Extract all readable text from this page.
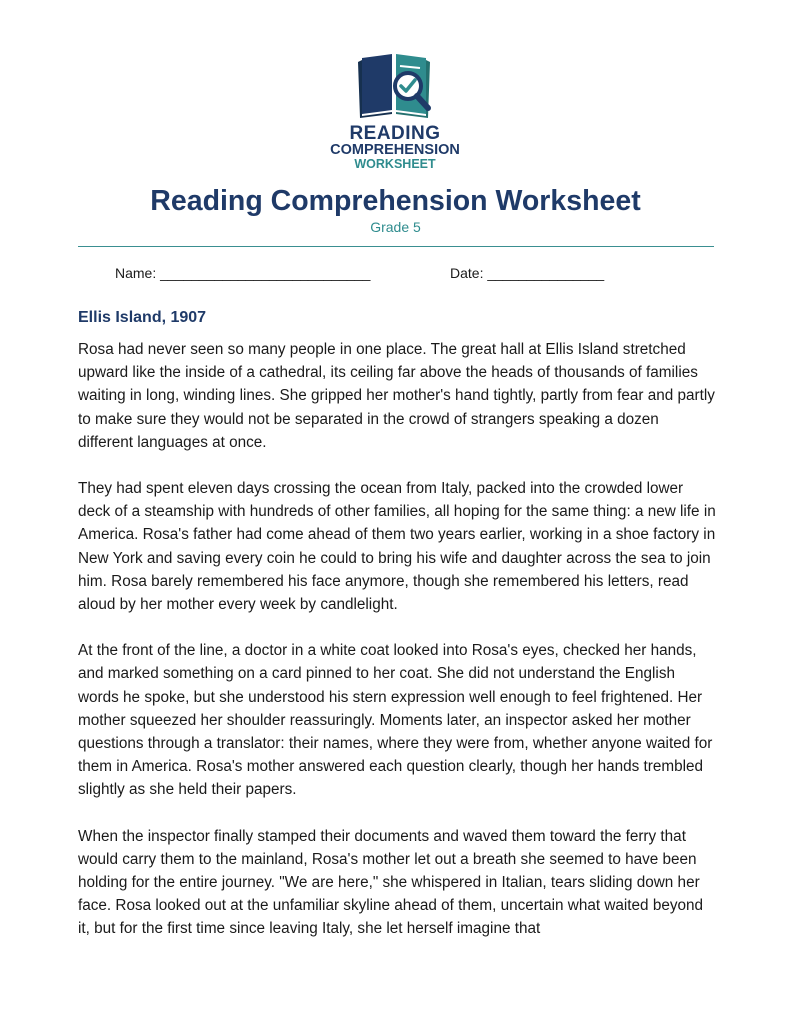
READING
COMPREHENSION
WORKSHEET
Reading Comprehension Worksheet
Grade 5
Name: ___________________________	Date: _______________
Ellis Island, 1907

Rosa had never seen so many people in one place. The great hall at Ellis Island stretched upward like the inside of a cathedral, its ceiling far above the heads of thousands of families waiting in long, winding lines. She gripped her mother's hand tightly, partly from fear and partly to make sure they would not be separated in the crowd of strangers speaking a dozen different languages at once.

They had spent eleven days crossing the ocean from Italy, packed into the crowded lower deck of a steamship with hundreds of other families, all hoping for the same thing: a new life in America. Rosa's father had come ahead of them two years earlier, working in a shoe factory in New York and saving every coin he could to bring his wife and daughter across the sea to join him. Rosa barely remembered his face anymore, though she remembered his letters, read aloud by her mother every week by candlelight.

At the front of the line, a doctor in a white coat looked into Rosa's eyes, checked her hands, and marked something on a card pinned to her coat. She did not understand the English words he spoke, but she understood his stern expression well enough to feel frightened. Her mother squeezed her shoulder reassuringly. Moments later, an inspector asked her mother questions through a translator: their names, where they were from, whether anyone waited for them in America. Rosa's mother answered each question clearly, though her hands trembled slightly as she held their papers.

When the inspector finally stamped their documents and waved them toward the ferry that would carry them to the mainland, Rosa's mother let out a breath she seemed to have been holding for the entire journey. "We are here," she whispered in Italian, tears sliding down her face. Rosa looked out at the unfamiliar skyline ahead of them, uncertain what waited beyond it, but for the first time since leaving Italy, she let herself imagine that
